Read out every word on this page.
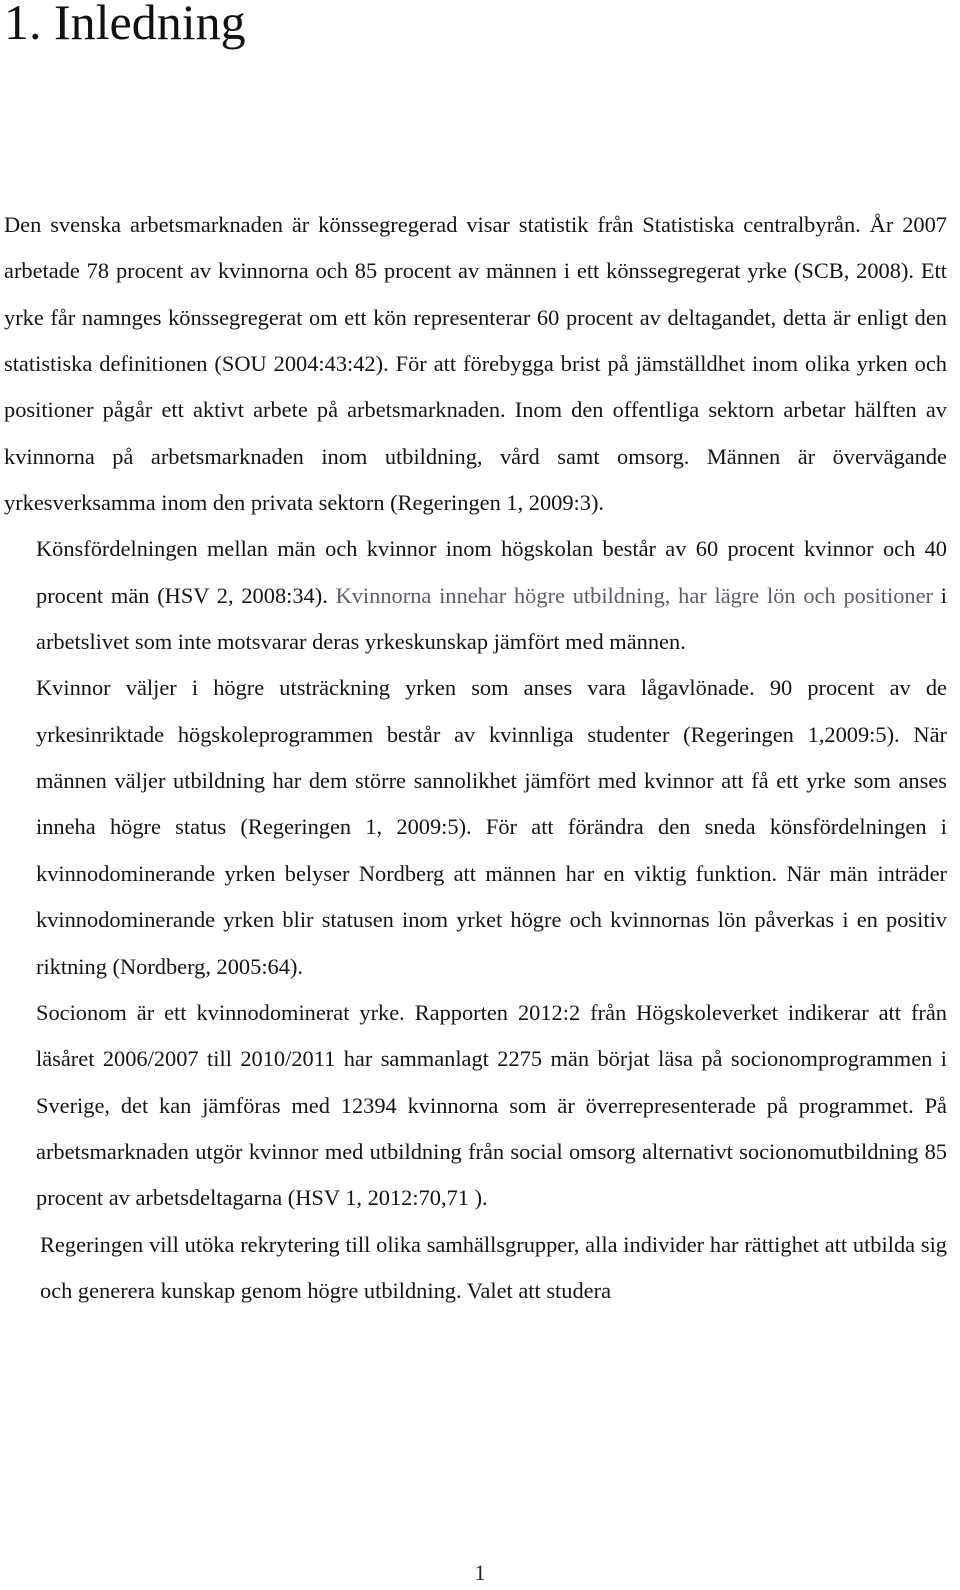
1. Inledning

Den svenska arbetsmarknaden är könssegregerad visar statistik från Statistiska centralbyrån. År 2007 arbetade 78 procent av kvinnorna och 85 procent av männen i ett könssegregerat yrke (SCB, 2008). Ett yrke får namnges könssegregerat om ett kön representerar 60 procent av deltagandet, detta är enligt den statistiska definitionen (SOU 2004:43:42). För att förebygga brist på jämställdhet inom olika yrken och positioner pågår ett aktivt arbete på arbetsmarknaden. Inom den offentliga sektorn arbetar hälften av kvinnorna på arbetsmarknaden inom utbildning, vård samt omsorg. Männen är övervägande yrkesverksamma inom den privata sektorn (Regeringen 1, 2009:3).

Könsfördelningen mellan män och kvinnor inom högskolan består av 60 procent kvinnor och 40 procent män (HSV 2, 2008:34). Kvinnorna innehar högre utbildning, har lägre lön och positioner i arbetslivet som inte motsvarar deras yrkeskunskap jämfört med männen.

Kvinnor väljer i högre utsträckning yrken som anses vara lågavlönade. 90 procent av de yrkesinriktade högskoleprogrammen består av kvinnliga studenter (Regeringen 1,2009:5). När männen väljer utbildning har dem större sannolikhet jämfört med kvinnor att få ett yrke som anses inneha högre status (Regeringen 1, 2009:5). För att förändra den sneda könsfördelningen i kvinnodominerande yrken belyser Nordberg att männen har en viktig funktion. När män inträder kvinnodominerande yrken blir statusen inom yrket högre och kvinnornas lön påverkas i en positiv riktning (Nordberg, 2005:64).

Socionom är ett kvinnodominerat yrke. Rapporten 2012:2 från Högskoleverket indikerar att från läsåret 2006/2007 till 2010/2011 har sammanlagt 2275 män börjat läsa på socionomprogrammen i Sverige, det kan jämföras med 12394 kvinnorna som är överrepresenterade på programmet. På arbetsmarknaden utgör kvinnor med utbildning från social omsorg alternativt socionomutbildning 85 procent av arbetsdeltagarna (HSV 1, 2012:70,71 ).

Regeringen vill utöka rekrytering till olika samhällsgrupper, alla individer har rättighet att utbilda sig och generera kunskap genom högre utbildning. Valet att studera

1
